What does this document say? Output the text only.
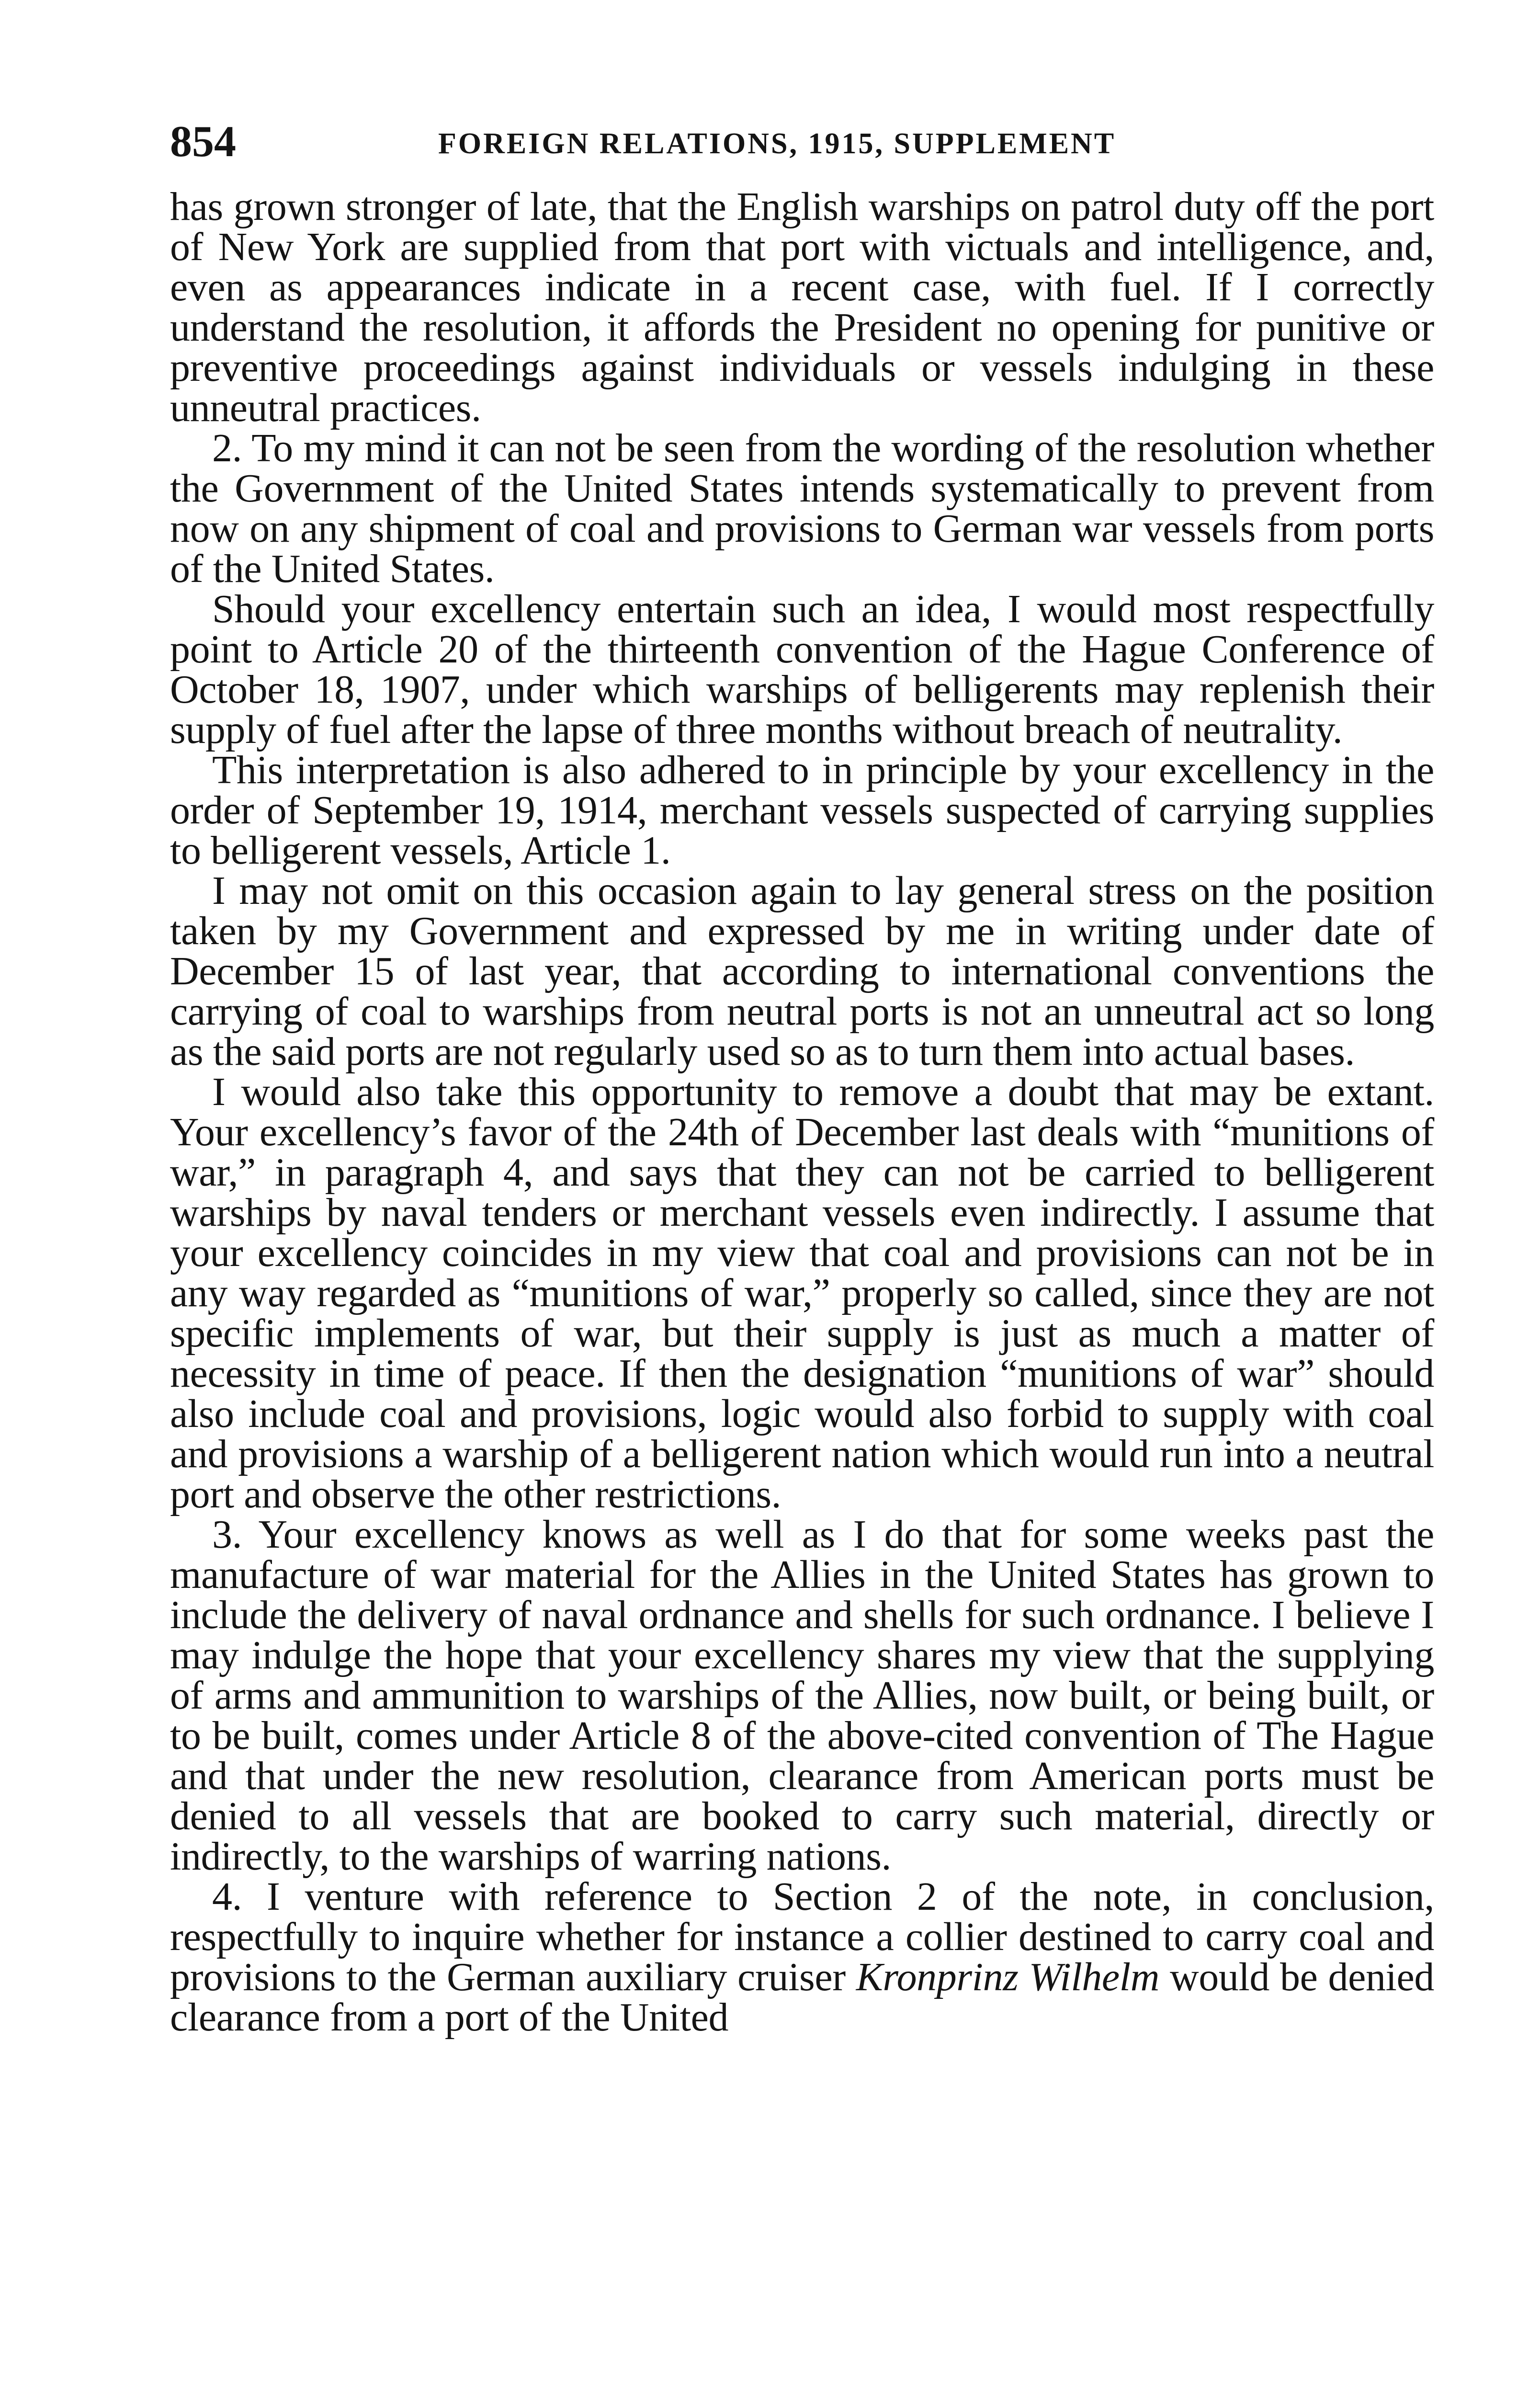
854	FOREIGN RELATIONS, 1915, SUPPLEMENT

has grown stronger of late, that the English warships on patrol duty off the port of New York are supplied from that port with victuals and intelligence, and, even as appearances indicate in a recent case, with fuel. If I correctly understand the resolution, it affords the President no opening for punitive or preventive proceedings against individuals or vessels indulging in these unneutral practices.

2. To my mind it can not be seen from the wording of the resolution whether the Government of the United States intends systematically to prevent from now on any shipment of coal and provisions to German war vessels from ports of the United States.

Should your excellency entertain such an idea, I would most respectfully point to Article 20 of the thirteenth convention of the Hague Conference of October 18, 1907, under which warships of belligerents may replenish their supply of fuel after the lapse of three months without breach of neutrality.

This interpretation is also adhered to in principle by your excellency in the order of September 19, 1914, merchant vessels suspected of carrying supplies to belligerent vessels, Article 1.

I may not omit on this occasion again to lay general stress on the position taken by my Government and expressed by me in writing under date of December 15 of last year, that according to international conventions the carrying of coal to warships from neutral ports is not an unneutral act so long as the said ports are not regularly used so as to turn them into actual bases.

I would also take this opportunity to remove a doubt that may be extant. Your excellency’s favor of the 24th of December last deals with “munitions of war,” in paragraph 4, and says that they can not be carried to belligerent warships by naval tenders or merchant vessels even indirectly. I assume that your excellency coincides in my view that coal and provisions can not be in any way regarded as “munitions of war,” properly so called, since they are not specific implements of war, but their supply is just as much a matter of necessity in time of peace. If then the designation “munitions of war” should also include coal and provisions, logic would also forbid to supply with coal and provisions a warship of a belligerent nation which would run into a neutral port and observe the other restrictions.

3. Your excellency knows as well as I do that for some weeks past the manufacture of war material for the Allies in the United States has grown to include the delivery of naval ordnance and shells for such ordnance. I believe I may indulge the hope that your excellency shares my view that the supplying of arms and ammunition to warships of the Allies, now built, or being built, or to be built, comes under Article 8 of the above-cited convention of The Hague and that under the new resolution, clearance from American ports must be denied to all vessels that are booked to carry such material, directly or indirectly, to the warships of warring nations.

4. I venture with reference to Section 2 of the note, in conclusion, respectfully to inquire whether for instance a collier destined to carry coal and provisions to the German auxiliary cruiser Kronprinz Wilhelm would be denied clearance from a port of the United
